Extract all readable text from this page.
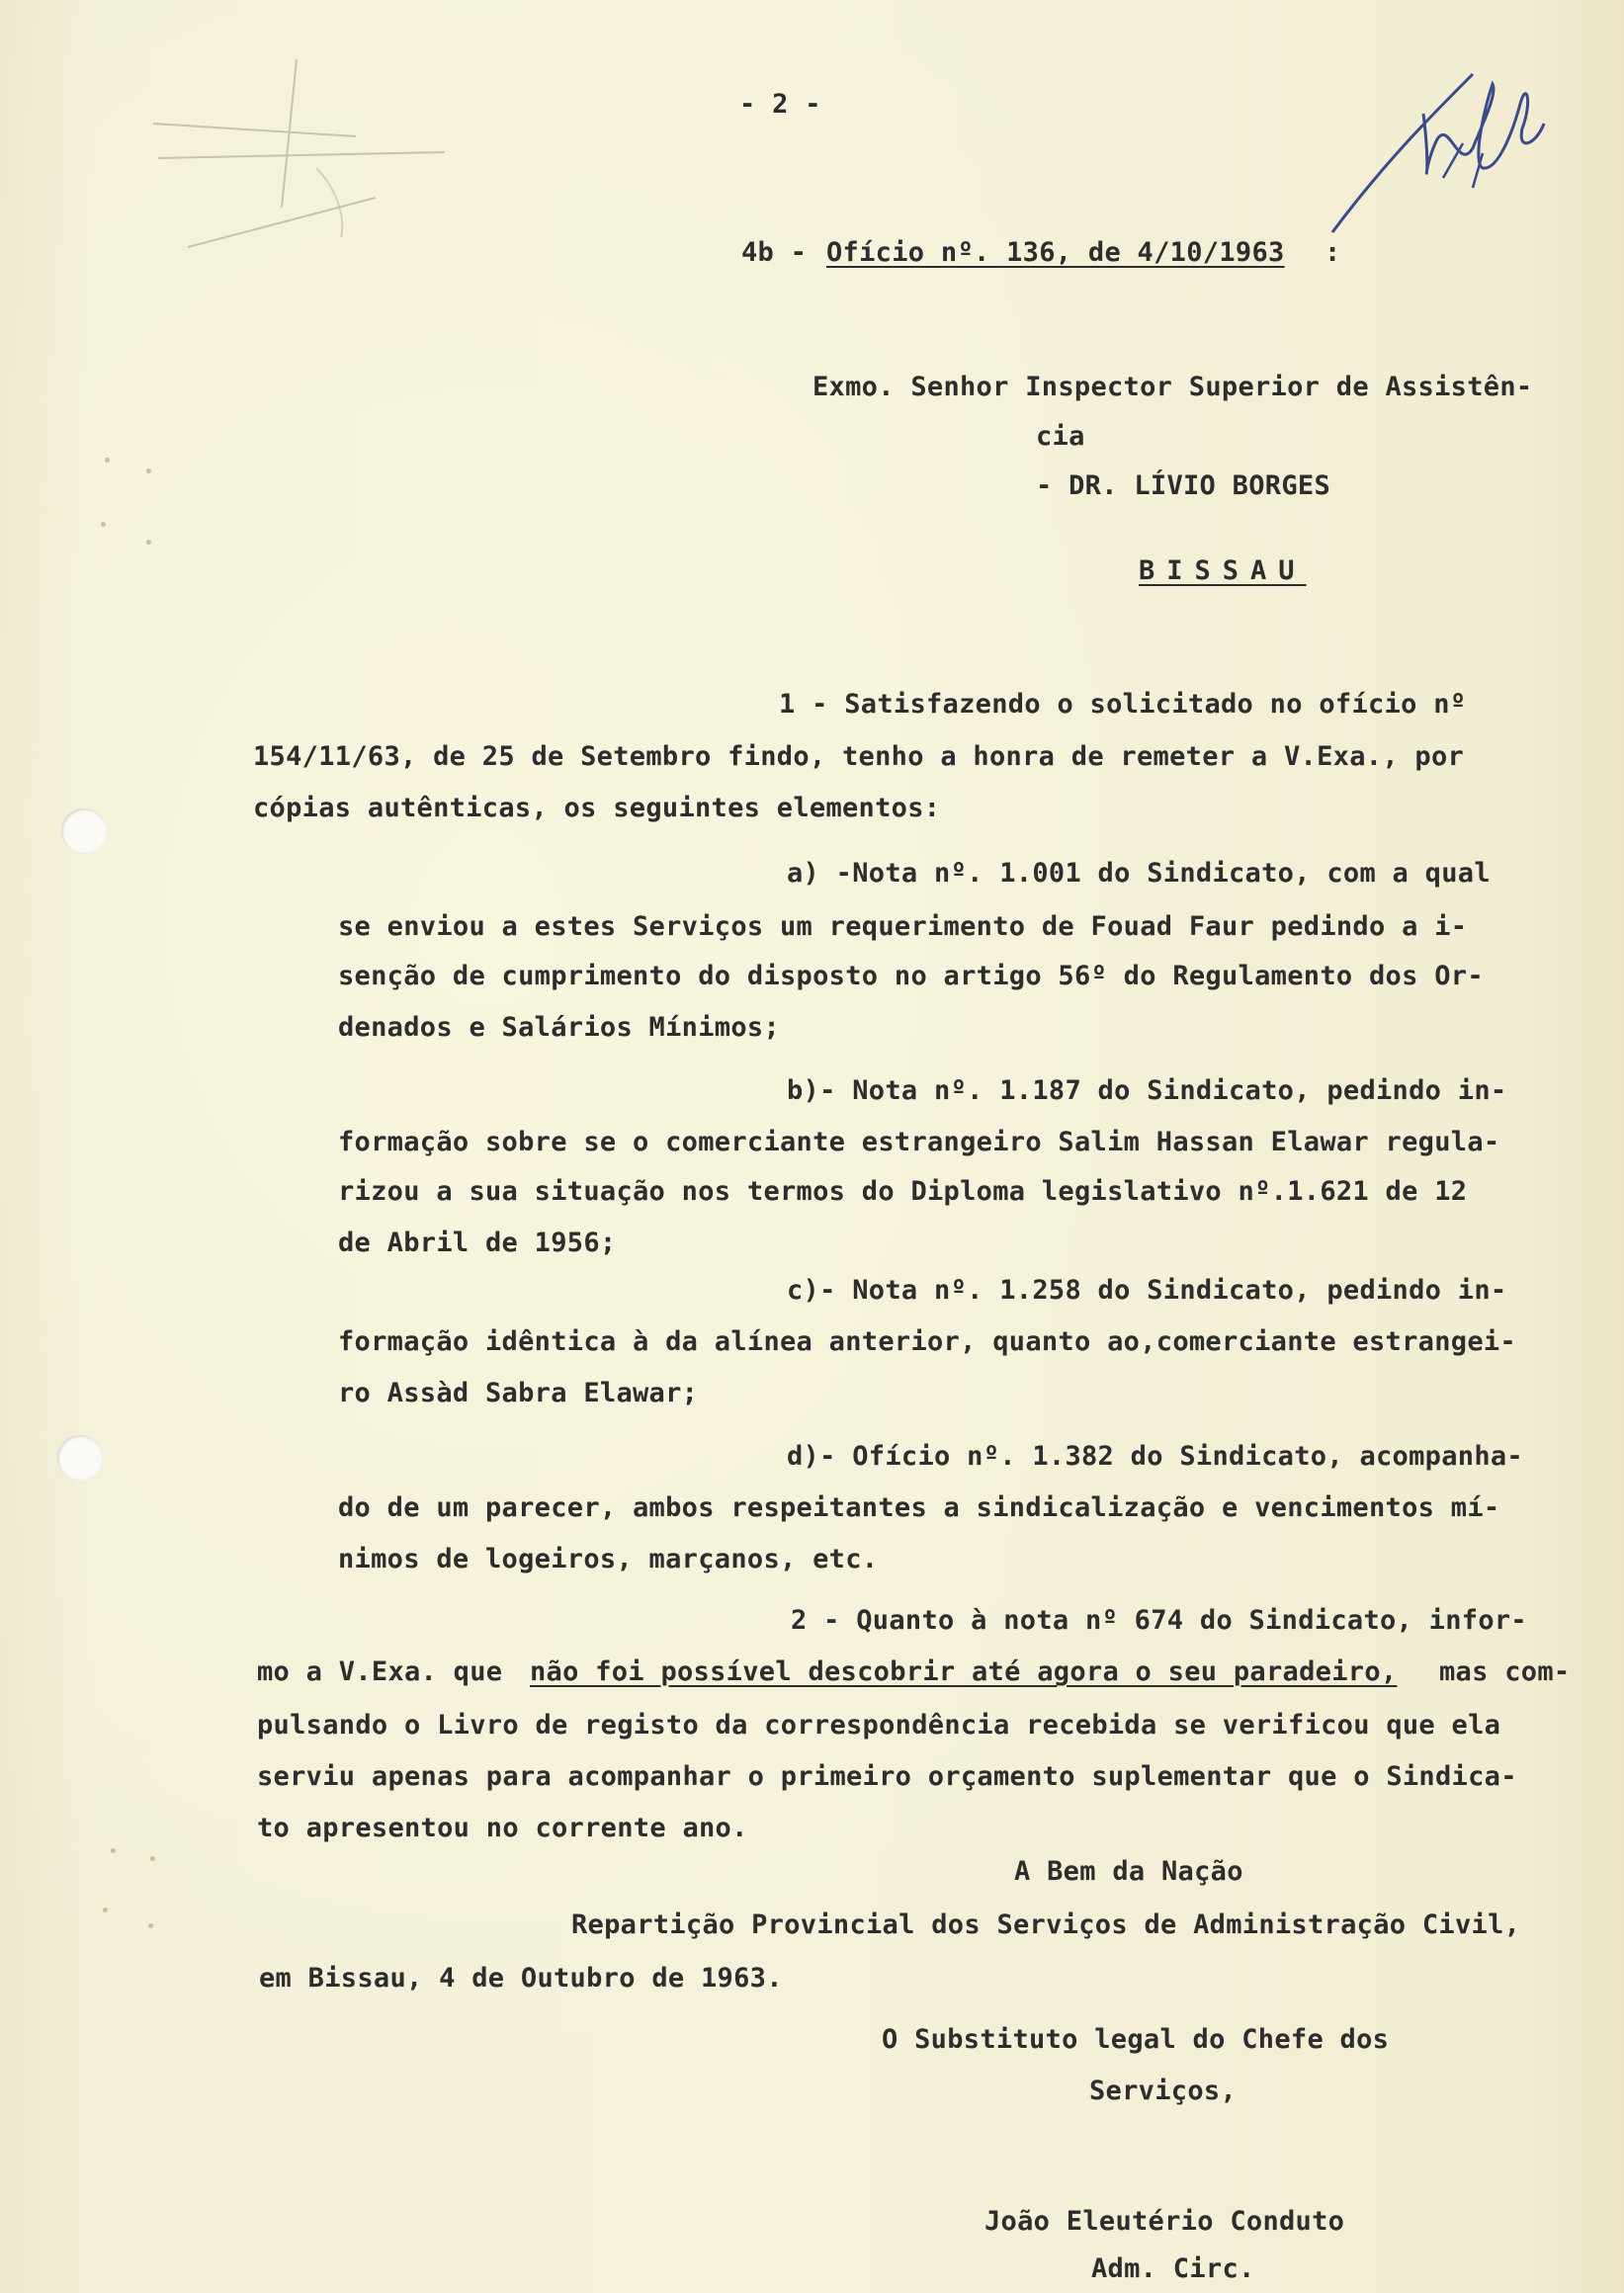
- 2 -

4b - Ofício nº. 136, de 4/10/1963 :

Exmo. Senhor Inspector Superior de Assistên-

cia

- DR. LÍVIO BORGES

BISSAU

1 - Satisfazendo o solicitado no ofício nº

154/11/63, de 25 de Setembro findo, tenho a honra de remeter a V.Exa., por

cópias autênticas, os seguintes elementos:

a) -Nota nº. 1.001 do Sindicato, com a qual

se enviou a estes Serviços um requerimento de Fouad Faur pedindo a i-

senção de cumprimento do disposto no artigo 56º do Regulamento dos Or-

denados e Salários Mínimos;

b)- Nota nº. 1.187 do Sindicato, pedindo in-

formação sobre se o comerciante estrangeiro Salim Hassan Elawar regula-

rizou a sua situação nos termos do Diploma legislativo nº.1.621 de 12

de Abril de 1956;

c)- Nota nº. 1.258 do Sindicato, pedindo in-

formação idêntica à da alínea anterior, quanto ao,comerciante estrangei-

ro Assàd Sabra Elawar;

d)- Ofício nº. 1.382 do Sindicato, acompanha-

do de um parecer, ambos respeitantes a sindicalização e vencimentos mí-

nimos de logeiros, marçanos, etc.

2 - Quanto à nota nº 674 do Sindicato, infor-

mo a V.Exa. que não foi possível descobrir até agora o seu paradeiro, mas com-

pulsando o Livro de registo da correspondência recebida se verificou que ela

serviu apenas para acompanhar o primeiro orçamento suplementar que o Sindica-

to apresentou no corrente ano.

A Bem da Nação

Repartição Provincial dos Serviços de Administração Civil,

em Bissau, 4 de Outubro de 1963.

O Substituto legal do Chefe dos

Serviços,

João Eleutério Conduto

Adm. Circ.
